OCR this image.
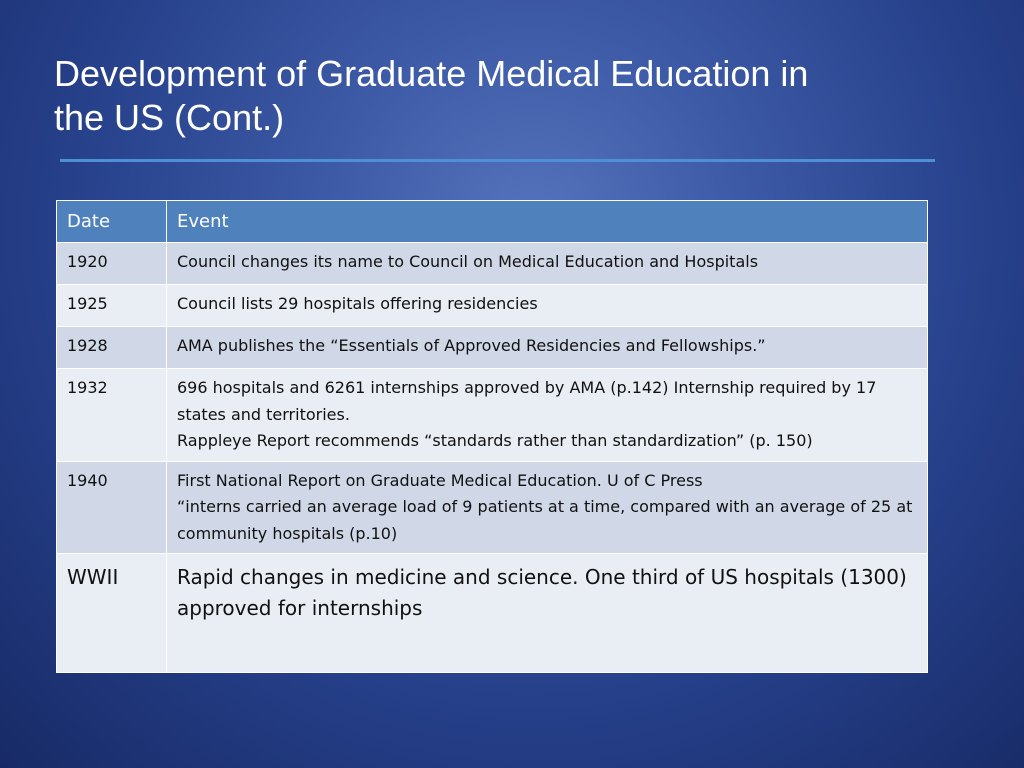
Development of Graduate Medical Education in
the US (Cont.)
Date	Event
1920	Council changes its name to Council on Medical Education and Hospitals

1925	Council lists 29 hospitals offering residencies

1928	AMA publishes the “Essentials of Approved Residencies and Fellowships.”

1932	696 hospitals and 6261 internships approved by AMA (p.142) Internship required by 17 states and territories.
Rappleye Report recommends “standards rather than standardization” (p. 150)

1940	First National Report on Graduate Medical Education. U of C Press
“interns carried an average load of 9 patients at a time, compared with an average of 25 at community hospitals (p.10)

WWII	Rapid changes in medicine and science. One third of US hospitals (1300) approved for internships
